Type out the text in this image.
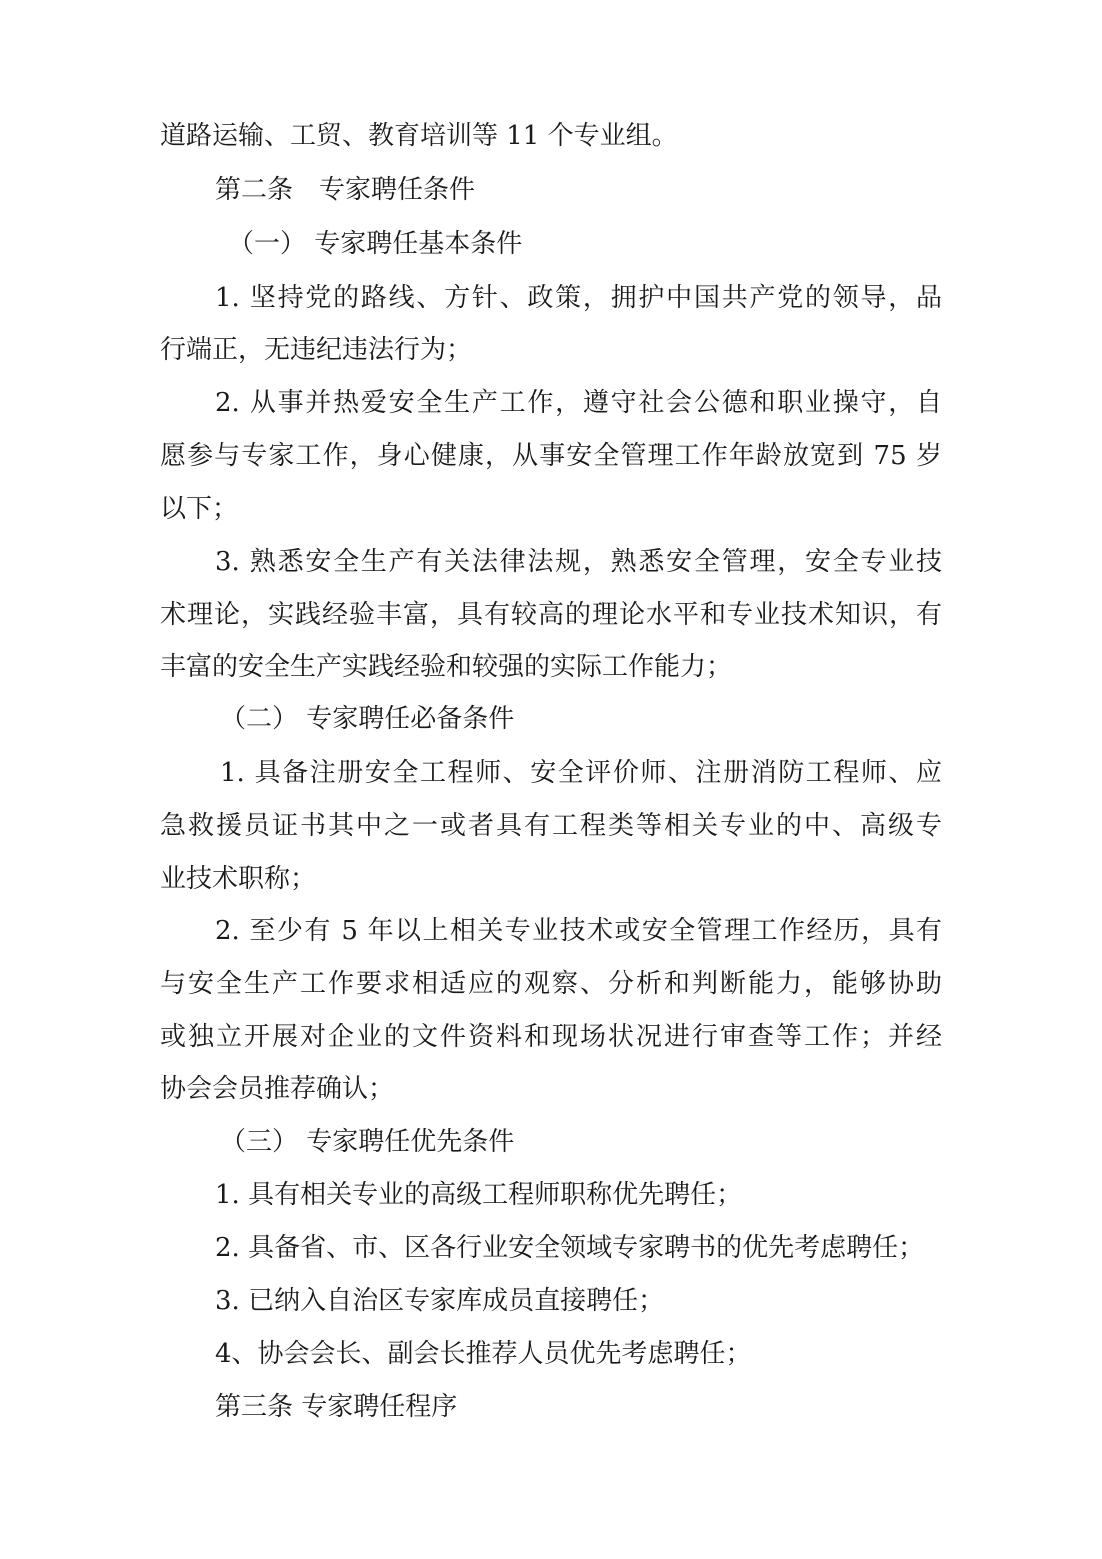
道路运输、工贸、教育培训等 11 个专业组。
第二条　专家聘任条件
（一） 专家聘任基本条件
1. 坚持党的路线、方针、政策，拥护中国共产党的领导，品
行端正，无违纪违法行为；
2. 从事并热爱安全生产工作，遵守社会公德和职业操守，自
愿参与专家工作，身心健康，从事安全管理工作年龄放宽到 75 岁
以下；
3. 熟悉安全生产有关法律法规，熟悉安全管理，安全专业技
术理论，实践经验丰富，具有较高的理论水平和专业技术知识，有
丰富的安全生产实践经验和较强的实际工作能力；
（二） 专家聘任必备条件
1. 具备注册安全工程师、安全评价师、注册消防工程师、应
急救援员证书其中之一或者具有工程类等相关专业的中、高级专
业技术职称；
2. 至少有 5 年以上相关专业技术或安全管理工作经历，具有
与安全生产工作要求相适应的观察、分析和判断能力，能够协助
或独立开展对企业的文件资料和现场状况进行审查等工作；并经
协会会员推荐确认；
（三） 专家聘任优先条件
1. 具有相关专业的高级工程师职称优先聘任；
2. 具备省、市、区各行业安全领域专家聘书的优先考虑聘任；
3. 已纳入自治区专家库成员直接聘任；
4、协会会长、副会长推荐人员优先考虑聘任；
第三条 专家聘任程序
